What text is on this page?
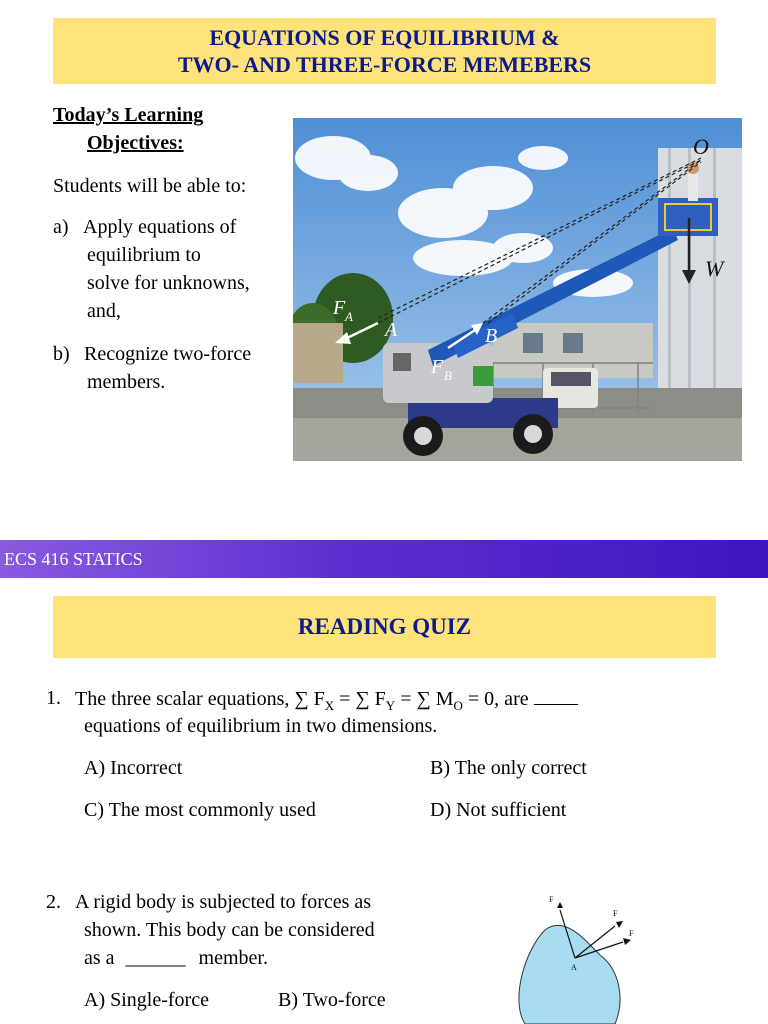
EQUATIONS OF EQUILIBRIUM &
TWO- AND THREE-FORCE MEMEBERS
Today’s Learning
Objectives:
Students will be able to:
a) Apply equations of
equilibrium to
solve for unknowns,
and,
b) Recognize two-force
members.
O
W
A	B
F A
F B
ECS 416 STATICS
READING QUIZ
1. The three scalar equations, ∑ $F_X$ = ∑ $F_Y$ = ∑ $M_O = 0$, are
equations of equilibrium in two dimensions.
A) Incorrect	B) The only correct
C) The most commonly used	D) Not sufficient
2. A rigid body is subjected to forces as
shown. This body can be considered
as a ______ member.
A) Single-force	B) Two-force
F
F
F
A
